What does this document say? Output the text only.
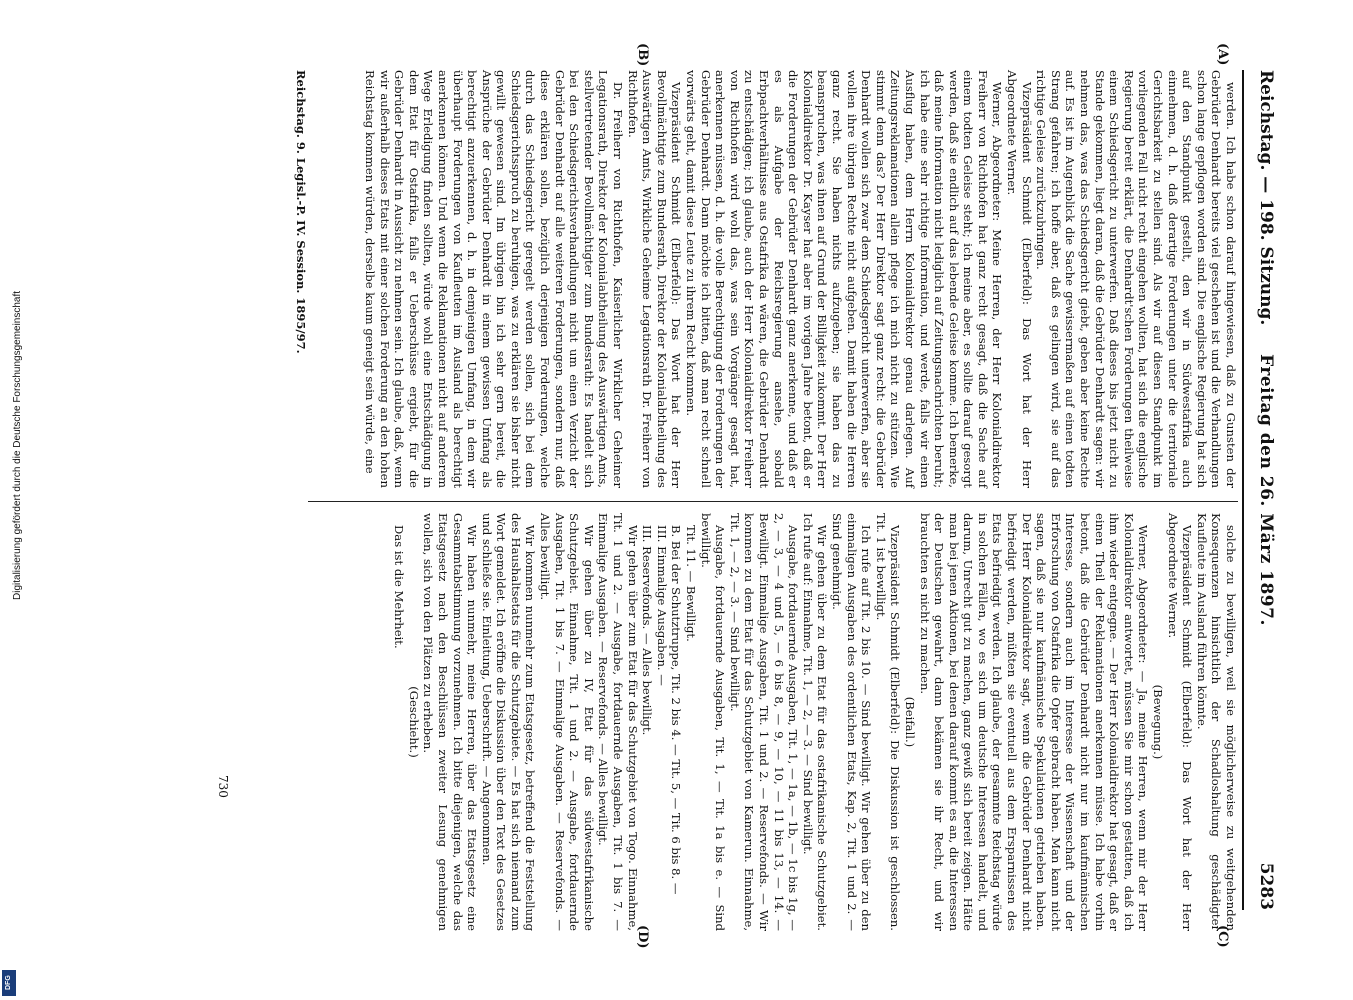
Digitalisierung gefördert durch die Deutsche Forschungsgemeinschaft
DFG
Reichstag. — 198. Sitzung.
Freitag den 26. März 1897.
5283
(A)
(B)
(C)
(D)

werden. Ich habe schon darauf hingewiesen, daß zu Gunsten der Gebrüder Denhardt bereits viel geschehen ist und die Verhandlungen schon lange gepflogen worden sind. Die englische Regierung hat sich auf den Standpunkt gestellt, den wir in Südwestafrika auch einnehmen, d. h. daß derartige Forderungen unter die territoriale Gerichtsbarkeit zu stellen sind. Als wir auf diesen Standpunkt im vorliegenden Fall nicht recht eingehen wollten, hat sich die englische Regierung bereit erklärt, die Denhardt'schen Forderungen theilweise einem Schiedsgericht zu unterwerfen. Daß dieses bis jetzt nicht zu Stande gekommen, liegt daran, daß die Gebrüder Denhardt sagen: wir nehmen das, was das Schiedsgericht giebt, geben aber keine Rechte auf. Es ist im Augenblick die Sache gewissermaßen auf einen todten Strang gefahren; ich hoffe aber, daß es gelingen wird, sie auf das richtige Geleise zurückzubringen.

Vizepräsident Schmidt (Elberfeld): Das Wort hat der Herr Abgeordnete Werner.

Werner, Abgeordneter: Meine Herren, der Herr Kolonialdirektor Freiherr von Richthofen hat ganz recht gesagt, daß die Sache auf einem todten Geleise steht; ich meine aber, es sollte darauf gesorgt werden, daß sie endlich auf das lebende Geleise komme. Ich bemerke, daß meine Information nicht lediglich auf Zeitungsnachrichten beruht; ich habe eine sehr richtige Information, und werde, falls wir einen Ausflug haben, dem Herrn Kolonialdirektor genau darlegen. Auf Zeitungsreklamationen allein pflege ich mich nicht zu stützen. Wie stimmt denn das? Der Herr Direktor sagt ganz recht: die Gebrüder Denhardt wollen sich zwar dem Schiedsgericht unterwerfen, aber sie wollen ihre übrigen Rechte nicht aufgeben. Damit haben die Herren ganz recht. Sie haben nichts aufzugeben; sie haben das zu beanspruchen, was ihnen auf Grund der Billigkeit zukommt. Der Herr Kolonialdirektor Dr. Kayser hat aber im vorigen Jahre betont, daß er die Forderungen der Gebrüder Denhardt ganz anerkenne, und daß er es als Aufgabe der Reichsregierung ansehe, sobald Erbpachtverhältnisse aus Ostafrika da wären, die Gebrüder Denhardt zu entschädigen; ich glaube, auch der Herr Kolonialdirektor Freiherr von Richthofen wird wohl das, was sein Vorgänger gesagt hat, anerkennen müssen, d. h. die volle Berechtigung der Forderungen der Gebrüder Denhardt. Dann möchte ich bitten, daß man recht schnell vorwärts geht, damit diese Leute zu ihrem Recht kommen.

Vizepräsident Schmidt (Elberfeld): Das Wort hat der Herr Bevollmächtigte zum Bundesrath, Direktor der Kolonialabtheilung des Auswärtigen Amts, Wirkliche Geheime Legationsrath Dr. Freiherr von Richthofen.

Dr. Freiherr von Richthofen, Kaiserlicher Wirklicher Geheimer Legationsrath, Direktor der Kolonialabtheilung des Auswärtigen Amts, stellvertretender Bevollmächtigter zum Bundesrath: Es handelt sich bei den Schiedsgerichtsverhandlungen nicht um einen Verzicht der Gebrüder Denhardt auf alle weiteren Forderungen, sondern nur, daß diese erklären sollen, bezüglich derjenigen Forderungen, welche durch das Schiedsgericht geregelt werden sollen, sich bei dem Schiedsgerichtsspruch zu beruhigen, was zu erklären sie bisher nicht gewillt gewesen sind. Im übrigen bin ich sehr gern bereit, die Ansprüche der Gebrüder Denhardt in einem gewissen Umfang als berechtigt anzuerkennen, d. h. in demjenigen Umfang, in dem wir überhaupt Forderungen von Kaufleuten im Ausland als berechtigt anerkennen können. Und wenn die Reklamationen nicht auf anderem Wege Erledigung finden sollten, würde wohl eine Entschädigung in dem Etat für Ostafrika, falls er Ueberschüsse ergiebt, für die Gebrüder Denhardt in Aussicht zu nehmen sein. Ich glaube, daß, wenn wir außerhalb dieses Etats mit einer solchen Forderung an den hohen Reichstag kommen würden, derselbe kaum geneigt sein würde, eine

solche zu bewilligen, weil sie möglicherweise zu weitgehenden Konsequenzen hinsichtlich der Schadloshaltung geschädigter Kaufleute im Ausland führen könnte.

Vizepräsident Schmidt (Elberfeld): Das Wort hat der Herr Abgeordnete Werner.

(Bewegung.)

Werner, Abgeordneter: — Ja, meine Herren, wenn mir der Herr Kolonialdirektor antwortet, müssen Sie mir schon gestatten, daß ich ihm wieder entgegne. — Der Herr Kolonialdirektor hat gesagt, daß er einen Theil der Reklamationen anerkennen müsse. Ich habe vorhin betont, daß die Gebrüder Denhardt nicht nur im kaufmännischen Interesse, sondern auch im Interesse der Wissenschaft und der Erforschung von Ostafrika die Opfer gebracht haben. Man kann nicht sagen, daß sie nur kaufmännische Spekulationen getrieben haben. Der Herr Kolonialdirektor sagt, wenn die Gebrüder Denhardt nicht befriedigt werden, müßten sie eventuell aus dem Ersparnissen des Etats befriedigt werden. Ich glaube, der gesammte Reichstag würde in solchen Fällen, wo es sich um deutsche Interessen handelt, und darum, Unrecht gut zu machen, ganz gewiß sich bereit zeigen. Hätte man bei jenen Aktionen, bei denen darauf kommt es an, die Interessen der Deutschen gewahrt, dann bekämen sie ihr Recht, und wir brauchten es nicht zu machen.

(Beifall.)

Vizepräsident Schmidt (Elberfeld): Die Diskussion ist geschlossen. Tit. 1 ist bewilligt.

Ich rufe auf Tit. 2 bis 10. — Sind bewilligt. Wir gehen über zu den einmaligen Ausgaben des ordentlichen Etats, Kap. 2, Tit. 1 und 2. — Sind genehmigt.

Wir gehen über zu dem Etat für das ostafrikanische Schutzgebiet. Ich rufe auf: Einnahme, Tit. 1, — 2, — 3. — Sind bewilligt.

Ausgabe, fortdauernde Ausgaben, Tit. 1, — 1a, — 1b, — 1c bis 1g, — 2, — 3, — 4 und 5, — 6 bis 8, — 9, — 10, — 11 bis 13, — 14. — Bewilligt. Einmalige Ausgaben, Tit. 1 und 2. — Reservefonds. — Wir kommen zu dem Etat für das Schutzgebiet von Kamerun. Einnahme, Tit. 1, — 2, — 3. — Sind bewilligt.

Ausgabe, fortdauernde Ausgaben, Tit. 1, — Tit. 1a bis e. — Sind bewilligt.

Tit. 11. — Bewilligt.

B. Bei der Schutztruppe, Tit. 2 bis 4. — Tit. 5, — Tit. 6 bis 8. —

III. Einmalige Ausgaben. —

III. Reservefonds. — Alles bewilligt.

Wir gehen über zum Etat für das Schutzgebiet von Togo. Einnahme, Tit. 1 und 2. — Ausgabe, fortdauernde Ausgaben, Tit. 1 bis 7. — Einmalige Ausgaben. — Reservefonds. — Alles bewilligt.

Wir gehen über zu IV, Etat für das südwestafrikanische Schutzgebiet. Einnahme, Tit. 1 und 2. — Ausgabe, fortdauernde Ausgaben, Tit. 1 bis 7. — Einmalige Ausgaben. — Reservefonds. — Alles bewilligt.

Wir kommen nunmehr zum Etatsgesetz, betreffend die Feststellung des Haushaltsetats für die Schutzgebiete. — Es hat sich niemand zum Wort gemeldet. Ich eröffne die Diskussion über den Text des Gesetzes und schließe sie. Einleitung, Ueberschrift. — Angenommen.

Wir haben nunmehr, meine Herren, über das Etatsgesetz eine Gesammtabstimmung vorzunehmen. Ich bitte diejenigen, welche das Etatsgesetz nach den Beschlüssen zweiter Lesung genehmigen wollen, sich von den Plätzen zu erheben.

(Geschieht.)

Das ist die Mehrheit.

Reichstag. 9. Legisl.-P. IV. Session. 1895/97.
730
